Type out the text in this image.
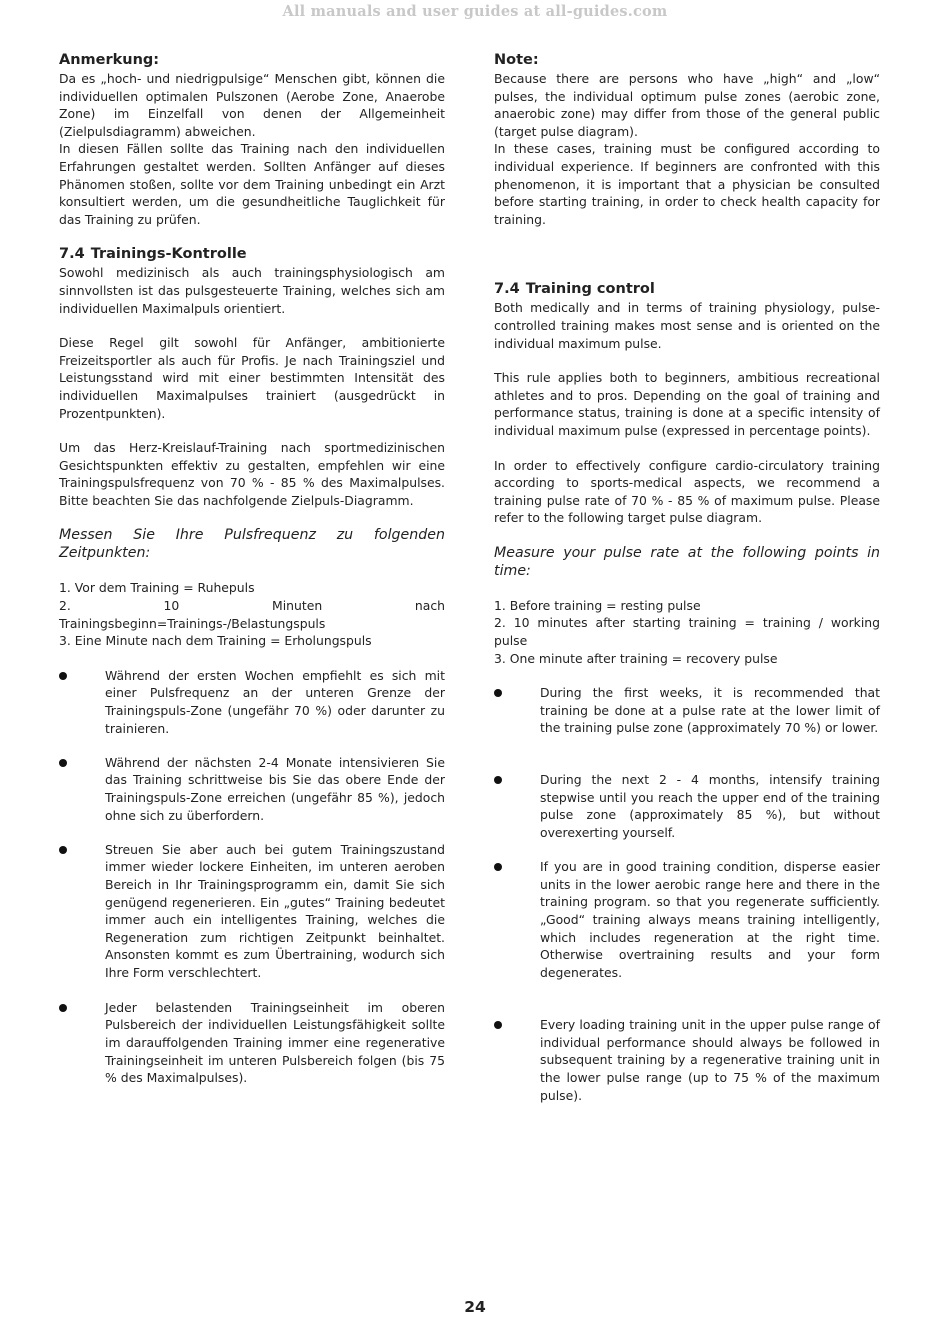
All manuals and user guides at all-guides.com
Anmerkung:

Da es „hoch- und niedrigpulsige“ Menschen gibt, können die individuellen optimalen Pulszonen (Aerobe Zone, Anaerobe Zone) im Einzelfall von denen der Allgemeinheit (Zielpulsdiagramm) abweichen.

In diesen Fällen sollte das Training nach den individuellen Erfahrungen gestaltet werden. Sollten Anfänger auf dieses Phänomen stoßen, sollte vor dem Training unbedingt ein Arzt konsultiert werden, um die gesundheitliche Tauglichkeit für das Training zu prüfen.

7.4 Trainings-Kontrolle

Sowohl medizinisch als auch trainingsphysiologisch am sinnvollsten ist das pulsgesteuerte Training, welches sich am individuellen Maximalpuls orientiert.

Diese Regel gilt sowohl für Anfänger, ambitionierte Freizeitsportler als auch für Profis. Je nach Trainingsziel und Leistungsstand wird mit einer bestimmten Intensität des individuellen Maximalpulses trainiert (ausgedrückt in Prozentpunkten).

Um das Herz-Kreislauf-Training nach sportmedizinischen Gesichtspunkten effektiv zu gestalten, empfehlen wir eine Trainingspulsfrequenz von 70 % - 85 % des Maximalpulses. Bitte beachten Sie das nachfolgende Zielpuls-Diagramm.

Messen Sie Ihre Pulsfrequenz zu folgenden Zeitpunkten:

1. Vor dem Training = Ruhepuls

2. 10 Minuten nach Trainingsbeginn=Trainings-/Belastungspuls

3. Eine Minute nach dem Training = Erholungspuls

Während der ersten Wochen empfiehlt es sich mit einer Pulsfrequenz an der unteren Grenze der Trainingspuls-Zone (ungefähr 70 %) oder darunter zu trainieren.

Während der nächsten 2-4 Monate intensivieren Sie das Training schrittweise bis Sie das obere Ende der Trainingspuls-Zone erreichen (ungefähr 85 %), jedoch ohne sich zu überfordern.

Streuen Sie aber auch bei gutem Trainingszustand immer wieder lockere Einheiten, im unteren aeroben Bereich in Ihr Trainingsprogramm ein, damit Sie sich genügend regenerieren. Ein „gutes“ Training bedeutet immer auch ein intelligentes Training, welches die Regeneration zum richtigen Zeitpunkt beinhaltet. Ansonsten kommt es zum Übertraining, wodurch sich Ihre Form verschlechtert.

Jeder belastenden Trainingseinheit im oberen Pulsbereich der individuellen Leistungsfähigkeit sollte im darauffolgenden Training immer eine regenerative Trainingseinheit im unteren Pulsbereich folgen (bis 75 % des Maximalpulses).

Note:

Because there are persons who have „high“ and „low“ pulses, the individual optimum pulse zones (aerobic zone, anaerobic zone) may differ from those of the general public (target pulse diagram).

In these cases, training must be configured according to individual experience. If beginners are confronted with this phenomenon, it is important that a physician be consulted before starting training, in order to check health capacity for training.

7.4 Training control

Both medically and in terms of training physiology, pulse-controlled training makes most sense and is oriented on the individual maximum pulse.

This rule applies both to beginners, ambitious recreational athletes and to pros. Depending on the goal of training and performance status, training is done at a specific intensity of individual maximum pulse (expressed in percentage points).

In order to effectively configure cardio-circulatory training according to sports-medical aspects, we recommend a training pulse rate of 70 % - 85 % of maximum pulse. Please refer to the following target pulse diagram.

Measure your pulse rate at the following points in time:

1. Before training = resting pulse

2. 10 minutes after starting training = training / working pulse

3. One minute after training = recovery pulse

During the first weeks, it is recommended that training be done at a pulse rate at the lower limit of the training pulse zone (approximately 70 %) or lower.

During the next 2 - 4 months, intensify training stepwise until you reach the upper end of the training pulse zone (approximately 85 %), but without overexerting yourself.

If you are in good training condition, disperse easier units in the lower aerobic range here and there in the training program. so that you regenerate sufficiently. „Good“ training always means training intelligently, which includes regeneration at the right time. Otherwise overtraining results and your form degenerates.

Every loading training unit in the upper pulse range of individual performance should always be followed in subsequent training by a regenerative training unit in the lower pulse range (up to 75 % of the maximum pulse).

24
